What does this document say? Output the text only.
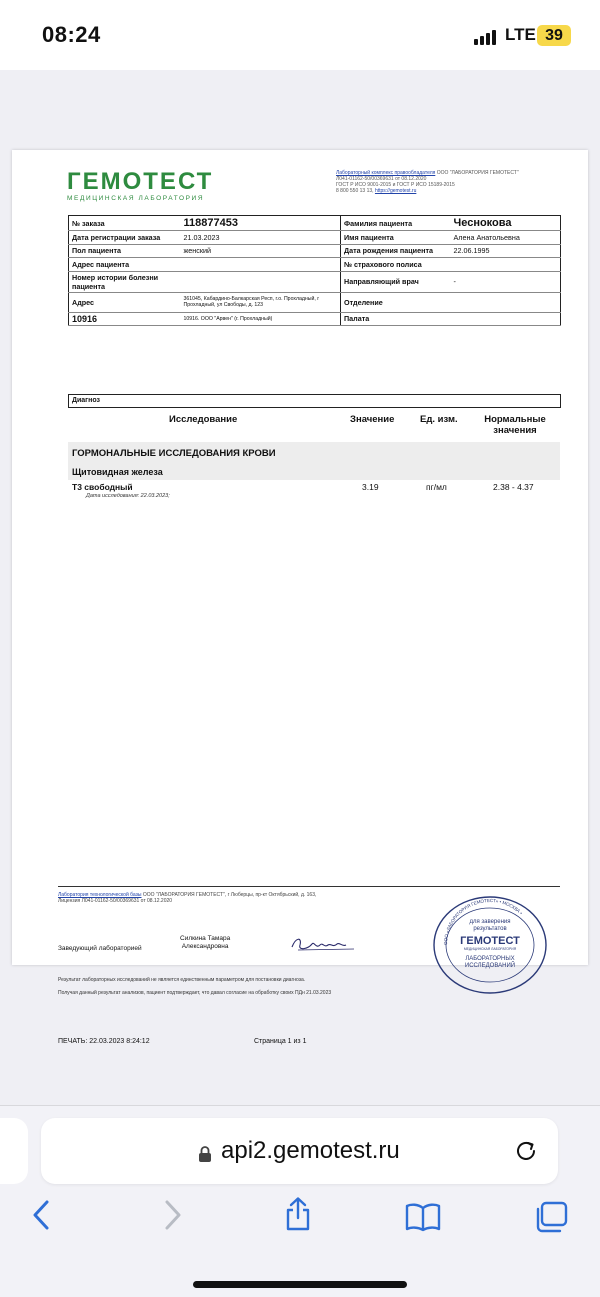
08:24	LTE 39
ГЕМОТЕСТ
МЕДИЦИНСКАЯ ЛАБОРАТОРИЯ
Лабораторный комплекс правообладателя ООО "ЛАБОРАТОРИЯ ГЕМОТЕСТ"
Л041-01162-50/00369631 от 08.12.2020
ГОСТ Р ИСО 9001-2015 и ГОСТ Р ИСО 15189-2015
8 800 550 13 13, https://gemotest.ru
№ заказа	118877453	Фамилия пациента	Чеснокова
Дата регистрации заказа	21.03.2023	Имя пациента	Алена Анатольевна
Пол пациента	женский	Дата рождения пациента	22.06.1995
Адрес пациента		№ страхового полиса	
Номер истории болезни пациента		Направляющий врач	-
Адрес	361045, Кабардино-Балкарская Респ, г.о. Прохладный, г Прохладный, ул Свободы, д. 123	Отделение	
10916	10916. ООО "Арвен" (г. Прохладный)	Палата	
Диагноз
Исследование	Значение	Ед. изм.	Нормальные значения
ГОРМОНАЛЬНЫЕ ИССЛЕДОВАНИЯ КРОВИ
Щитовидная железа
Т3 свободный
Дата исследования: 22.03.2023;
3.19	пг/мл	2.38 - 4.37
Лаборатория технологической базы ООО "ЛАБОРАТОРИЯ ГЕМОТЕСТ", г Люберцы, пр-кт Октябрьский, д. 163,
Лицензия Л041-01162-50/00369631 от 08.12.2020
Заведующий лабораторией
Силкина Тамара
Александровна
Результат лабораторных исследований не является единственным параметром для постановки диагноза.
Получая данный результат анализов, пациент подтверждает, что давал согласие на обработку своих ПДн 21.03.2023
ПЕЧАТЬ: 22.03.2023 8:24:12	Страница 1 из 1
ООО «ЛАБОРАТОРИЯ ГЕМОТЕСТ» • МОСКВА •
для заверения
результатов
ГЕМОТЕСТ
МЕДИЦИНСКАЯ ЛАБОРАТОРИЯ
ЛАБОРАТОРНЫХ
ИССЛЕДОВАНИЙ
api2.gemotest.ru
